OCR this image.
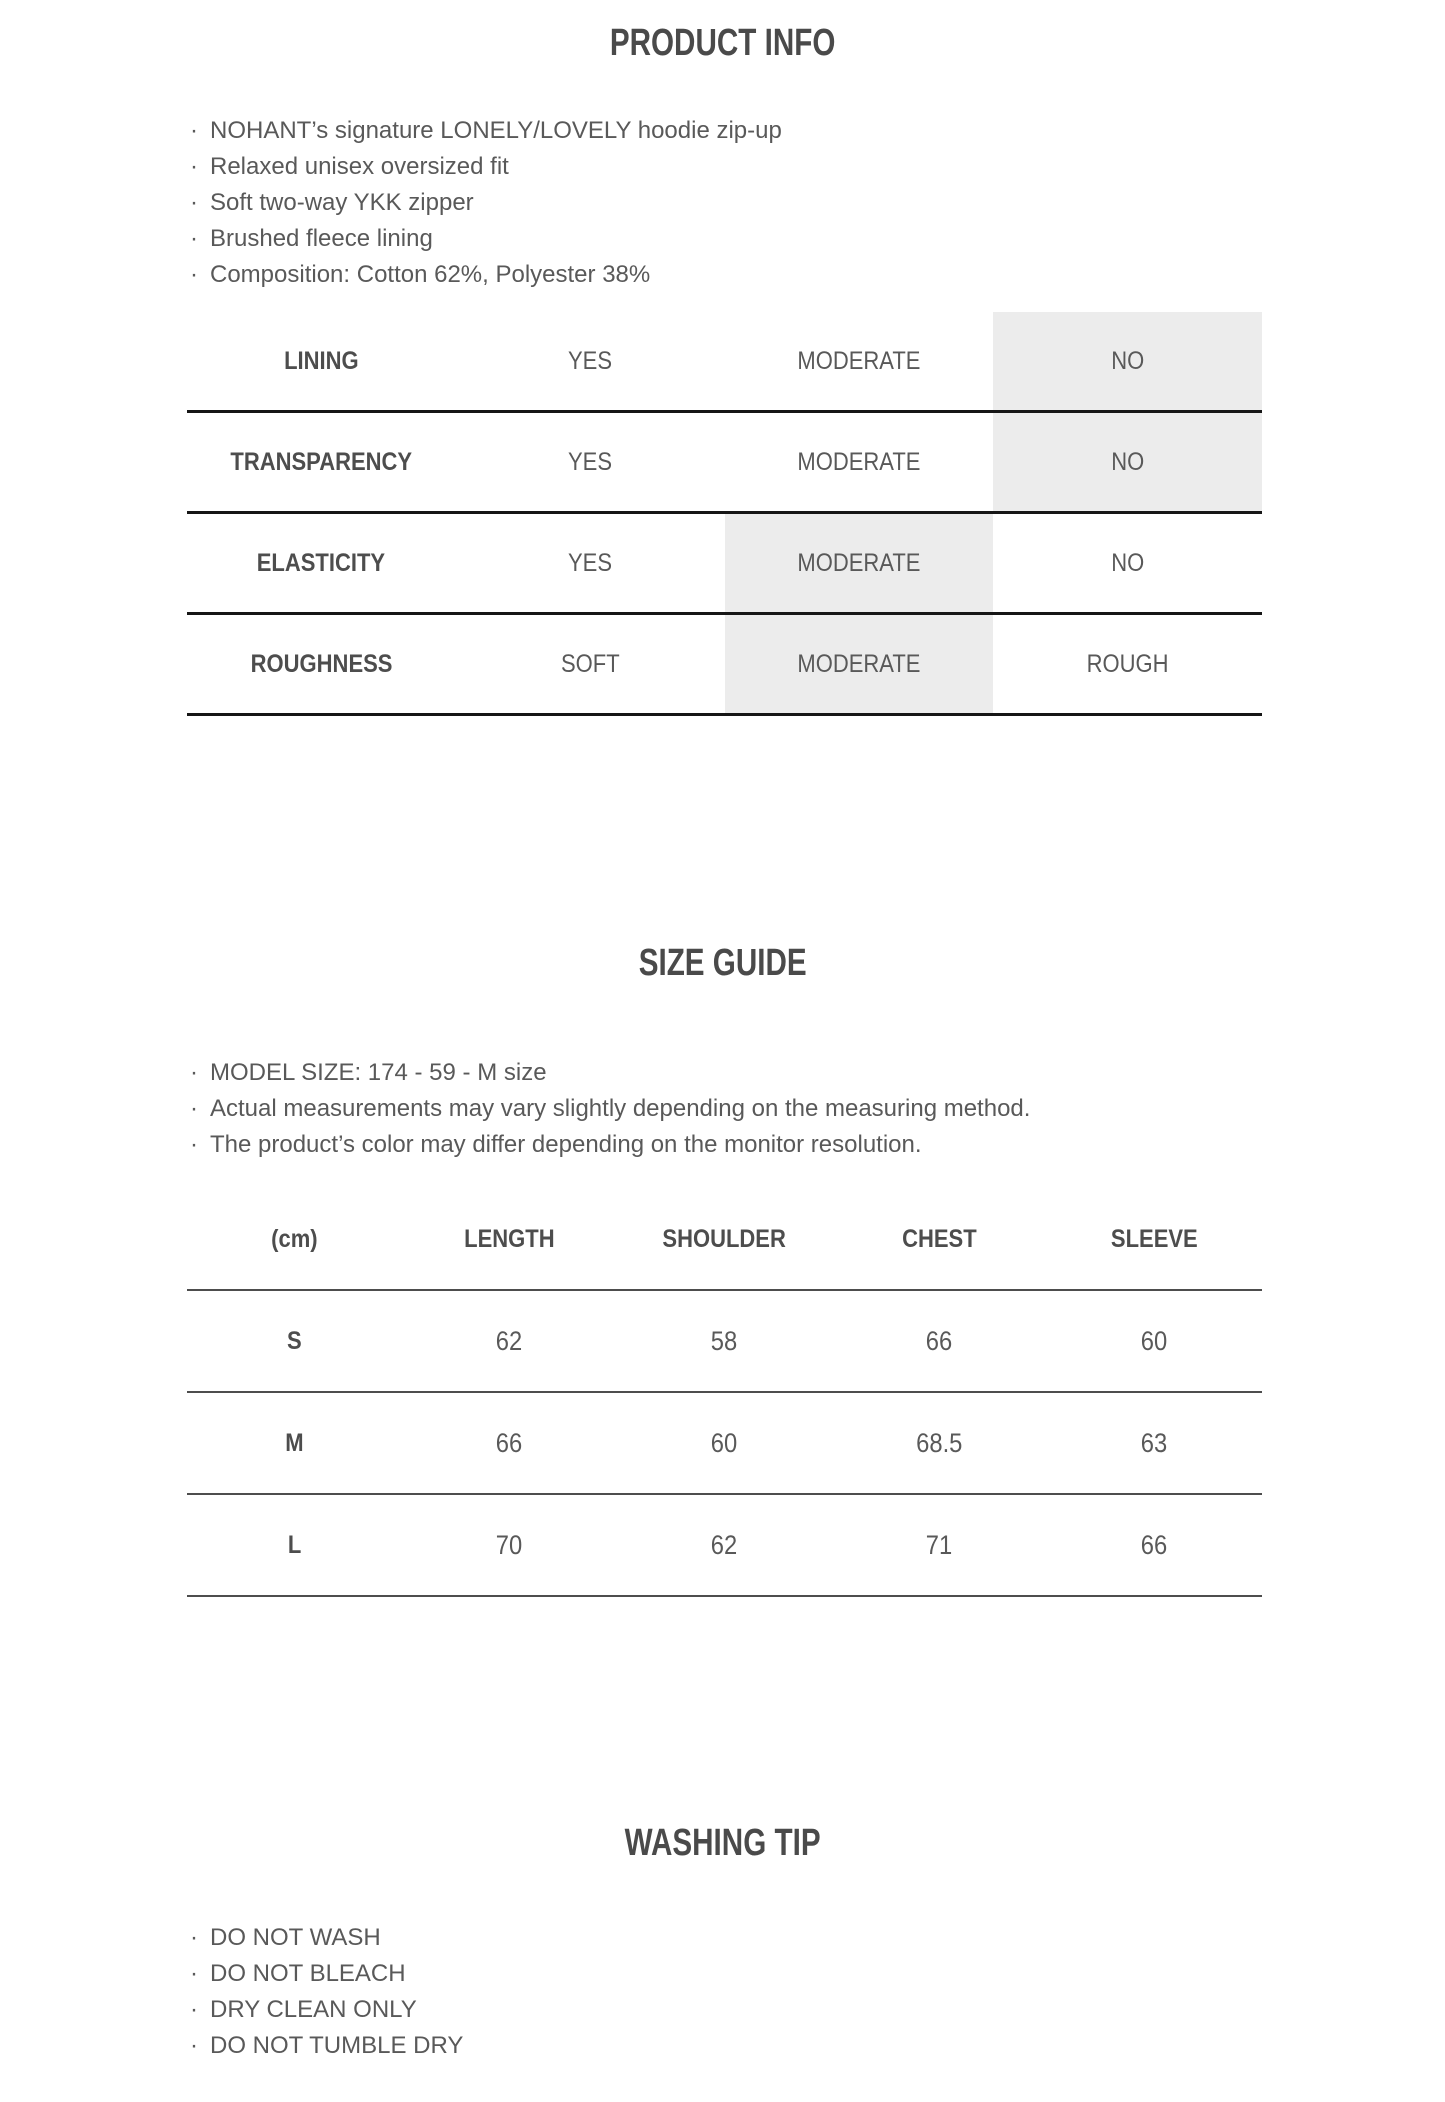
PRODUCT INFO
· NOHANT’s signature LONELY/LOVELY hoodie zip-up
· Relaxed unisex oversized fit
· Soft two-way YKK zipper
· Brushed fleece lining
· Composition: Cotton 62%, Polyester 38%
LINING	YES	MODERATE	NO
TRANSPARENCY	YES	MODERATE	NO
ELASTICITY	YES	MODERATE	NO
ROUGHNESS	SOFT	MODERATE	ROUGH
SIZE GUIDE
· MODEL SIZE: 174 - 59 - M size
· Actual measurements may vary slightly depending on the measuring method.
· The product’s color may differ depending on the monitor resolution.
(cm)	LENGTH	SHOULDER	CHEST	SLEEVE
S	62	58	66	60
M	66	60	68.5	63
L	70	62	71	66
WASHING TIP
· DO NOT WASH
· DO NOT BLEACH
· DRY CLEAN ONLY
· DO NOT TUMBLE DRY
